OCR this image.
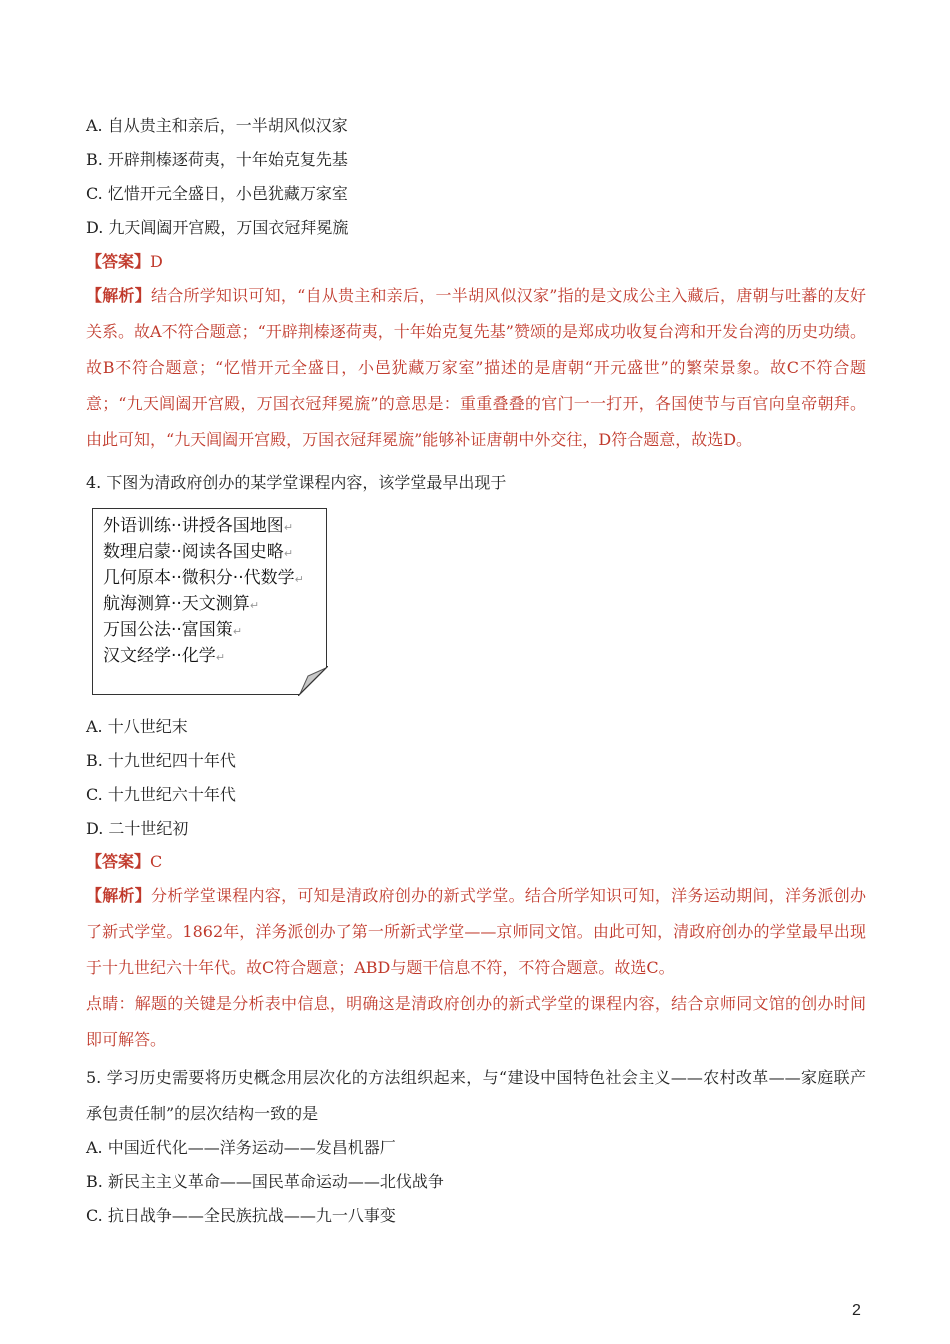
A. 自从贵主和亲后，一半胡风似汉家
B. 开辟荆榛逐荷夷，十年始克复先基
C. 忆惜开元全盛日，小邑犹藏万家室
D. 九天阊阖开宫殿，万国衣冠拜冕旒
【答案】D
【解析】结合所学知识可知，“自从贵主和亲后，一半胡风似汉家”指的是文成公主入藏后，唐朝与吐蕃的友好关系。故A不符合题意；“开辟荆榛逐荷夷，十年始克复先基”赞颂的是郑成功收复台湾和开发台湾的历史功绩。故B不符合题意；“忆惜开元全盛日，小邑犹藏万家室”描述的是唐朝“开元盛世”的繁荣景象。故C不符合题意；“九天阊阖开宫殿，万国衣冠拜冕旒”的意思是：重重叠叠的官门一一打开，各国使节与百官向皇帝朝拜。由此可知，“九天阊阖开宫殿，万国衣冠拜冕旒”能够补证唐朝中外交往，D符合题意，故选D。
4. 下图为清政府创办的某学堂课程内容，该学堂最早出现于
外语训练··讲授各国地图↵
数理启蒙··阅读各国史略↵
几何原本··微积分··代数学↵
航海测算··天文测算↵
万国公法··富国策↵
汉文经学··化学↵
A. 十八世纪末
B. 十九世纪四十年代
C. 十九世纪六十年代
D. 二十世纪初
【答案】C
【解析】分析学堂课程内容，可知是清政府创办的新式学堂。结合所学知识可知，洋务运动期间，洋务派创办了新式学堂。1862年，洋务派创办了第一所新式学堂——京师同文馆。由此可知，清政府创办的学堂最早出现于十九世纪六十年代。故C符合题意；ABD与题干信息不符，不符合题意。故选C。
点睛：解题的关键是分析表中信息，明确这是清政府创办的新式学堂的课程内容，结合京师同文馆的创办时间即可解答。
5. 学习历史需要将历史概念用层次化的方法组织起来，与“建设中国特色社会主义——农村改革——家庭联产承包责任制”的层次结构一致的是
A. 中国近代化——洋务运动——发昌机器厂
B. 新民主主义革命——国民革命运动——北伐战争
C. 抗日战争——全民族抗战——九一八事变
2
